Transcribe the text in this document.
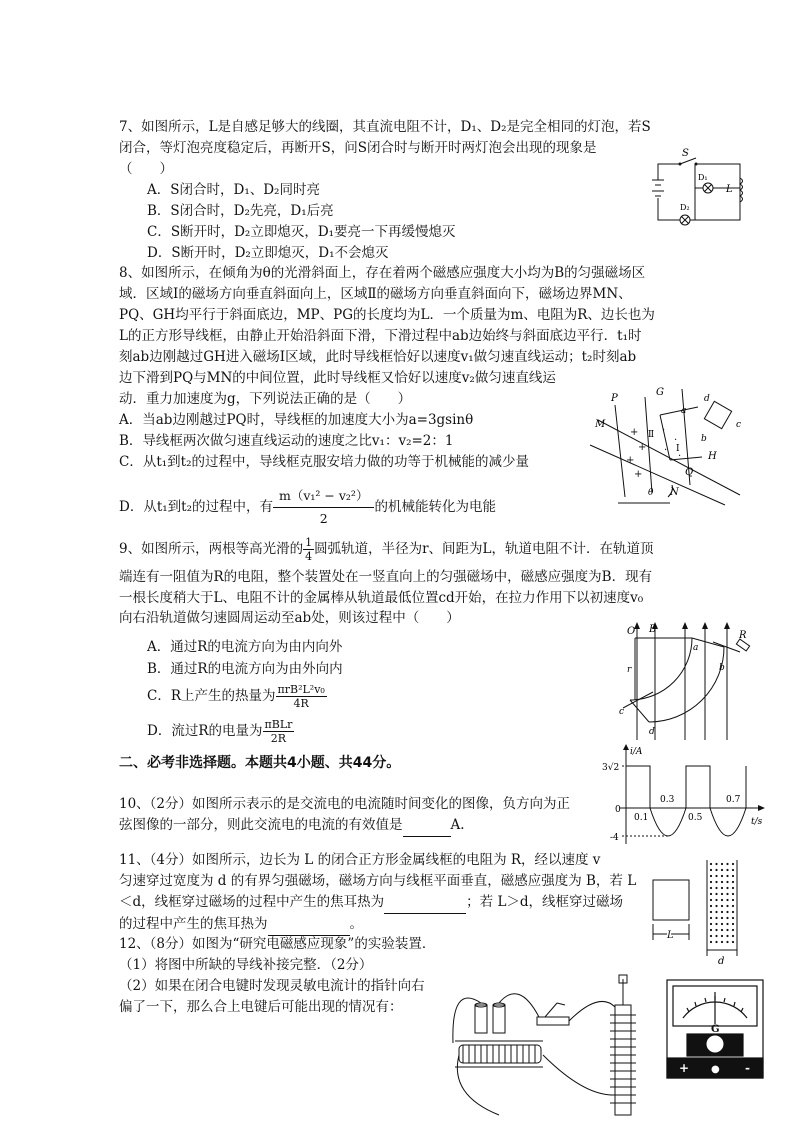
7、如图所示，L是自感足够大的线圈，其直流电阻不计，D₁、D₂是完全相同的灯泡，若S
闭合，等灯泡亮度稳定后，再断开S，问S闭合时与断开时两灯泡会出现的现象是
（　　）
A．S闭合时，D₁、D₂同时亮
B．S闭合时，D₂先亮，D₁后亮
C．S断开时，D₂立即熄灭，D₁要亮一下再缓慢熄灭
D．S断开时，D₂立即熄灭，D₁不会熄灭
S
D₁
D₂
L
8、如图所示，在倾角为θ的光滑斜面上，存在着两个磁感应强度大小均为B的匀强磁场区
域．区域Ⅰ的磁场方向垂直斜面向上，区域Ⅱ的磁场方向垂直斜面向下，磁场边界MN、
PQ、GH均平行于斜面底边，MP、PG的长度均为L．一个质量为m、电阻为R、边长也为
L的正方形导线框，由静止开始沿斜面下滑，下滑过程中ab边始终与斜面底边平行．t₁时
刻ab边刚越过GH进入磁场Ⅰ区域，此时导线框恰好以速度v₁做匀速直线运动；t₂时刻ab
边下滑到PQ与MN的中间位置，此时导线框又恰好以速度v₂做匀速直线运
动．重力加速度为g，下列说法正确的是（　　）
A．当ab边刚越过PQ时，导线框的加速度大小为a=3gsinθ
B．导线框两次做匀速直线运动的速度之比v₁：v₂=2：1
C．从t₁到t₂的过程中，导线框克服安培力做的功等于机械能的减少量
D．从t₁到t₂的过程中，有 $\frac{\text{m（v₁² − v₂²）}}{2}$ 的机械能转化为电能
+
+
+
+
·
·
·
·
M
P
G
N
Q
H
a
b
c
d
θ
Ⅱ
Ⅰ
9、如图所示，两根等高光滑的 $\frac{1}{4}$ 圆弧轨道，半径为r、间距为L，轨道电阻不计．在轨道顶
端连有一阻值为R的电阻，整个装置处在一竖直向上的匀强磁场中，磁感应强度为B．现有
一根长度稍大于L、电阻不计的金属棒从轨道最低位置cd开始，在拉力作用下以初速度v₀
向右沿轨道做匀速圆周运动至ab处，则该过程中（　　）
A．通过R的电流方向为由内向外
B．通过R的电流方向为由外向内
C．R上产生的热量为 $\frac{\text{πrB²L²v₀}}{4R}$
D．流过R的电量为 $\frac{\text{πBLr}}{2R}$
O B
r
a
b
c
d
R
二、必考非选择题。本题共4小题、共44分。
10、（2分）如图所示表示的是交流电的电流随时间变化的图像，负方向为正
弦图像的一部分，则此交流电的电流的有效值是	A.
i/A
t/s
3√2
0
-4
0.1
0.3
0.5
0.7
11、（4分）如图所示，边长为 L 的闭合正方形金属线框的电阻为 R，经以速度 v
匀速穿过宽度为 d 的有界匀强磁场，磁场方向与线框平面垂直，磁感应强度为 B，若 L
＜d，线框穿过磁场的过程中产生的焦耳热为	；若 L＞d，线框穿过磁场
的过程中产生的焦耳热为	。
L
d
12、（8分）如图为“研究电磁感应现象”的实验装置．
（1）将图中所缺的导线补接完整．（2分）
（2）如果在闭合电键时发现灵敏电流计的指针向右
偏了一下，那么合上电键后可能出现的情况有：
G
+ ● -
